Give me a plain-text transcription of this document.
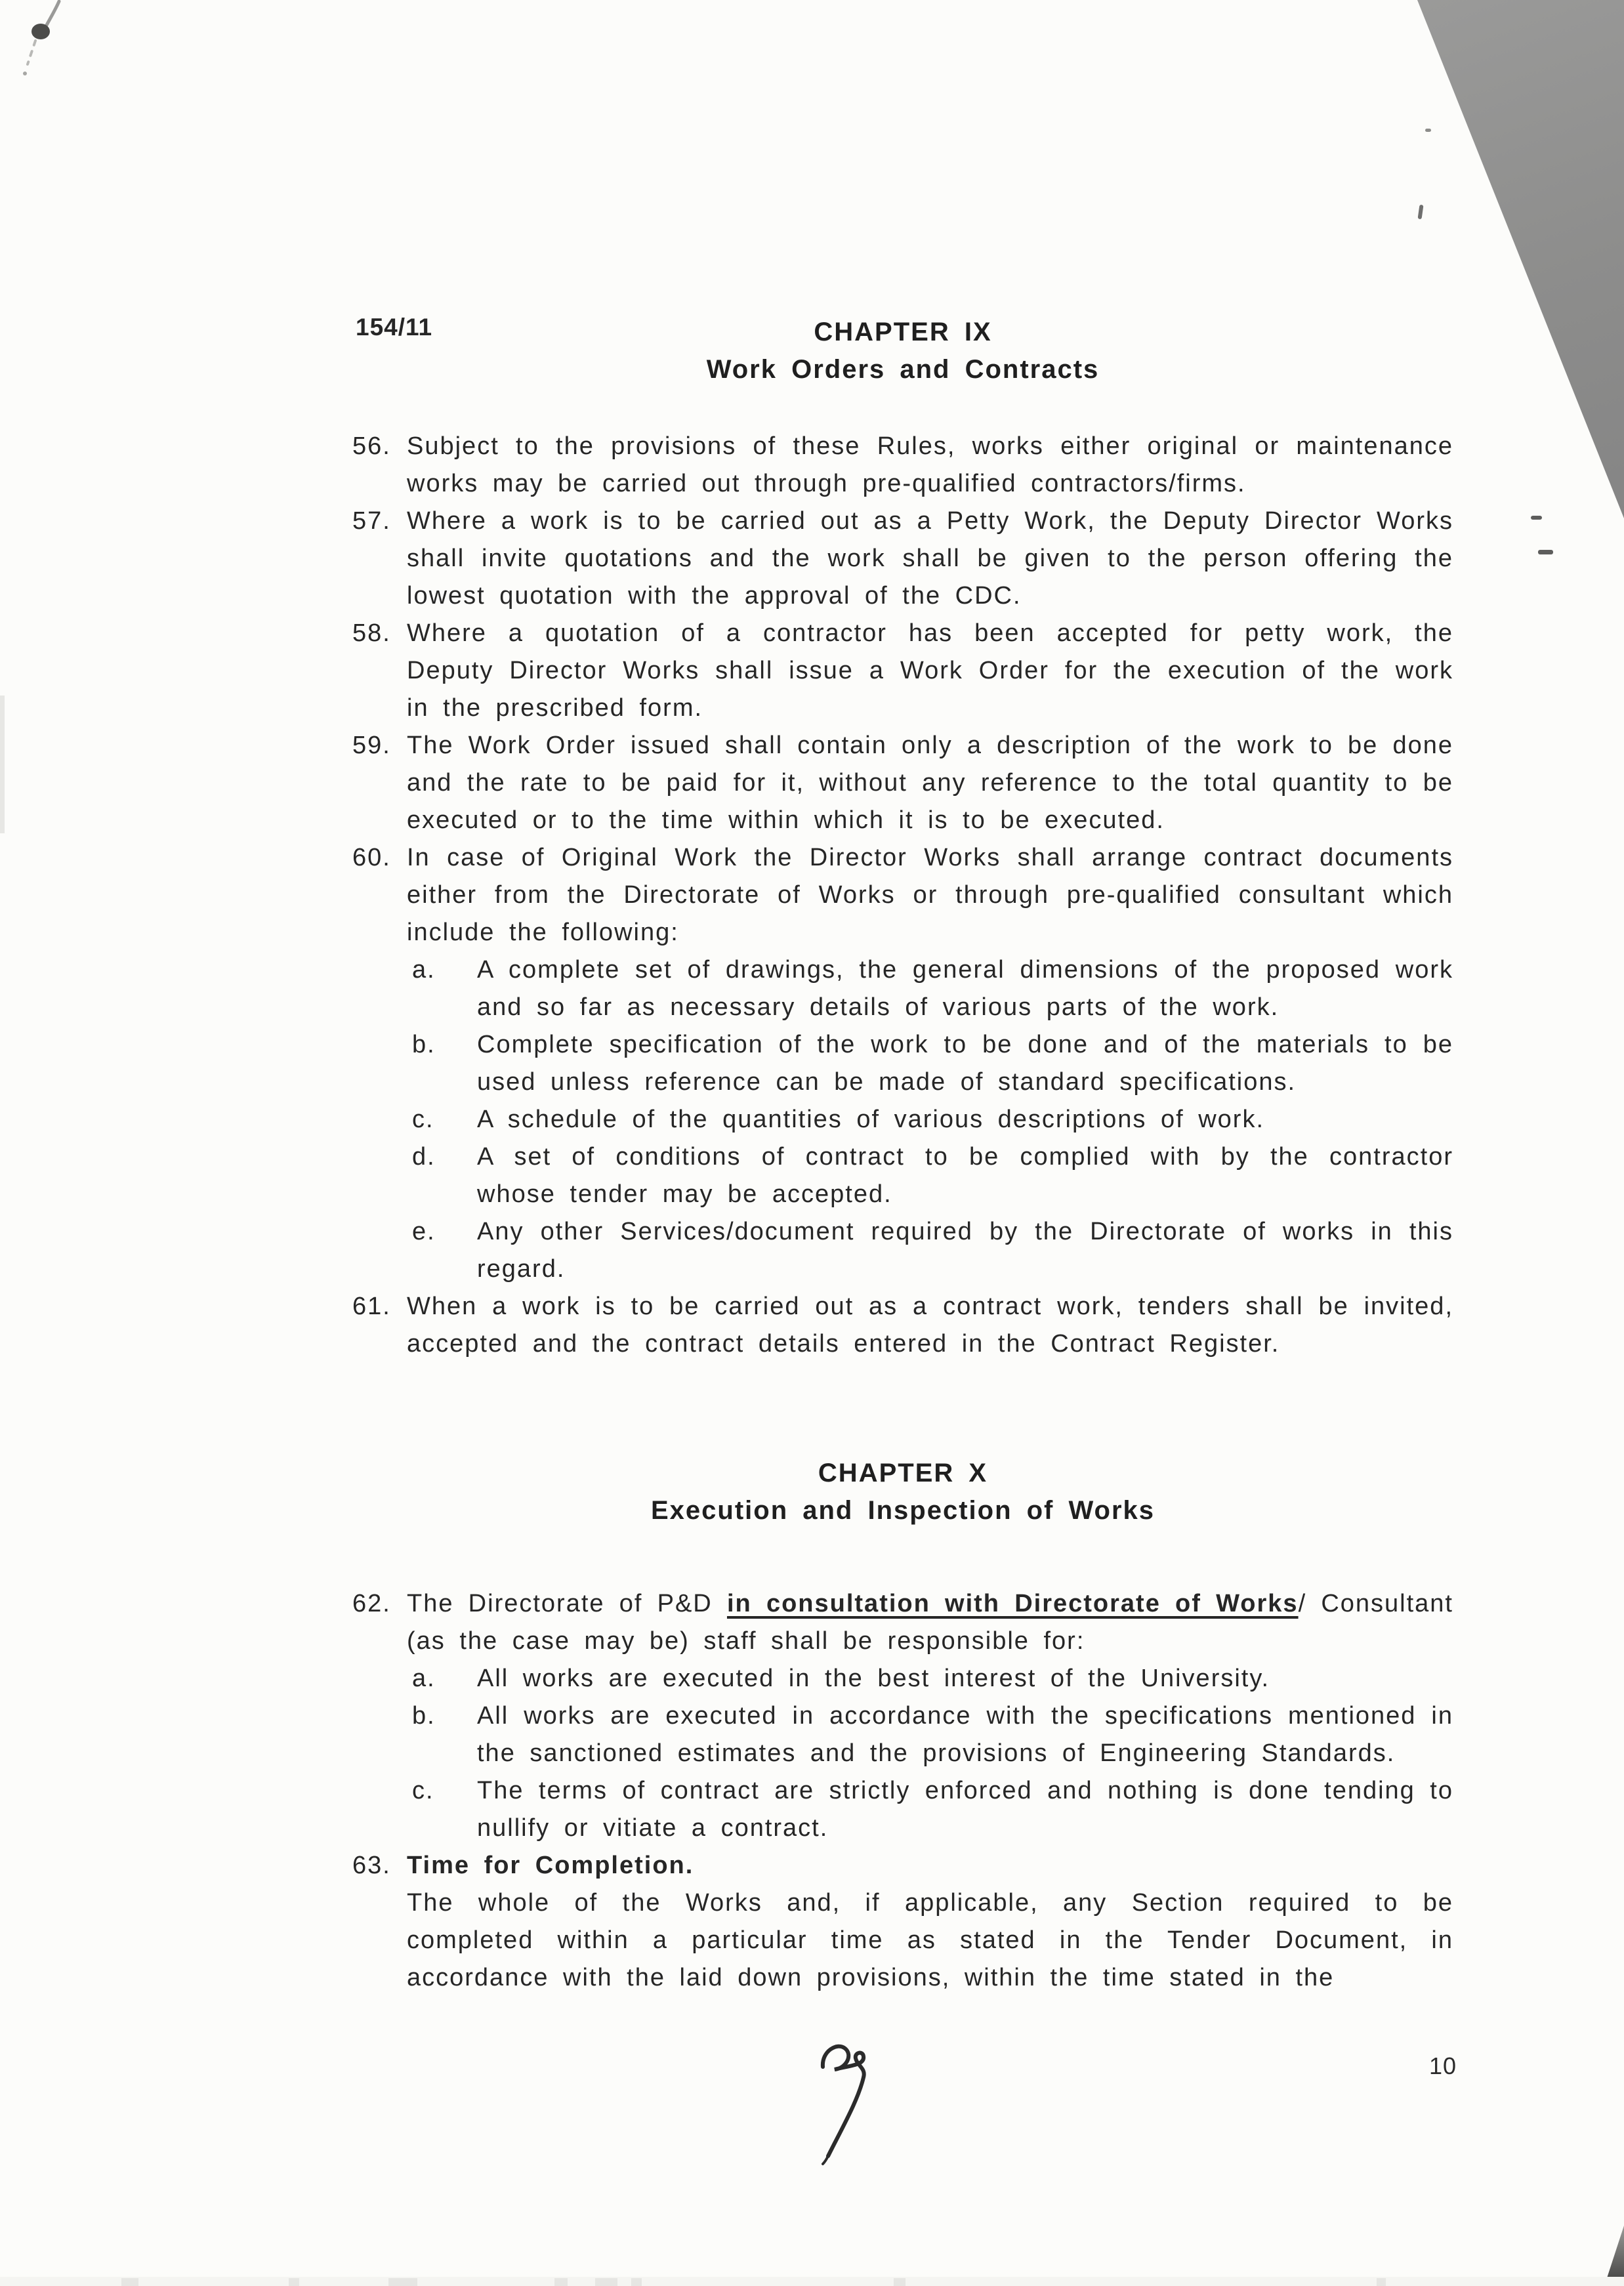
154/11	CHAPTER IX
Work Orders and Contracts
56. Subject to the provisions of these Rules, works either original or maintenance works may be carried out through pre-qualified contractors/firms.
57. Where a work is to be carried out as a Petty Work, the Deputy Director Works shall invite quotations and the work shall be given to the person offering the lowest quotation with the approval of the CDC.
58. Where a quotation of a contractor has been accepted for petty work, the Deputy Director Works shall issue a Work Order for the execution of the work in the prescribed form.
59. The Work Order issued shall contain only a description of the work to be done and the rate to be paid for it, without any reference to the total quantity to be executed or to the time within which it is to be executed.
60. In case of Original Work the Director Works shall arrange contract documents either from the Directorate of Works or through pre-qualified consultant which include the following:
a.	A complete set of drawings, the general dimensions of the proposed work and so far as necessary details of various parts of the work.
b.	Complete specification of the work to be done and of the materials to be used unless reference can be made of standard specifications.
c.	A schedule of the quantities of various descriptions of work.
d.	A set of conditions of contract to be complied with by the contractor whose tender may be accepted.
e.	Any other Services/document required by the Directorate of works in this regard.
61. When a work is to be carried out as a contract work, tenders shall be invited, accepted and the contract details entered in the Contract Register.
CHAPTER X
Execution and Inspection of Works
62. The Directorate of P&D in consultation with Directorate of Works/ Consultant (as the case may be) staff shall be responsible for:
a.	All works are executed in the best interest of the University.
b.	All works are executed in accordance with the specifications mentioned in the sanctioned estimates and the provisions of Engineering Standards.
c.	The terms of contract are strictly enforced and nothing is done tending to nullify or vitiate a contract.
63. Time for Completion.
The whole of the Works and, if applicable, any Section required to be completed within a particular time as stated in the Tender Document, in accordance with the laid down provisions, within the time stated in the
10
